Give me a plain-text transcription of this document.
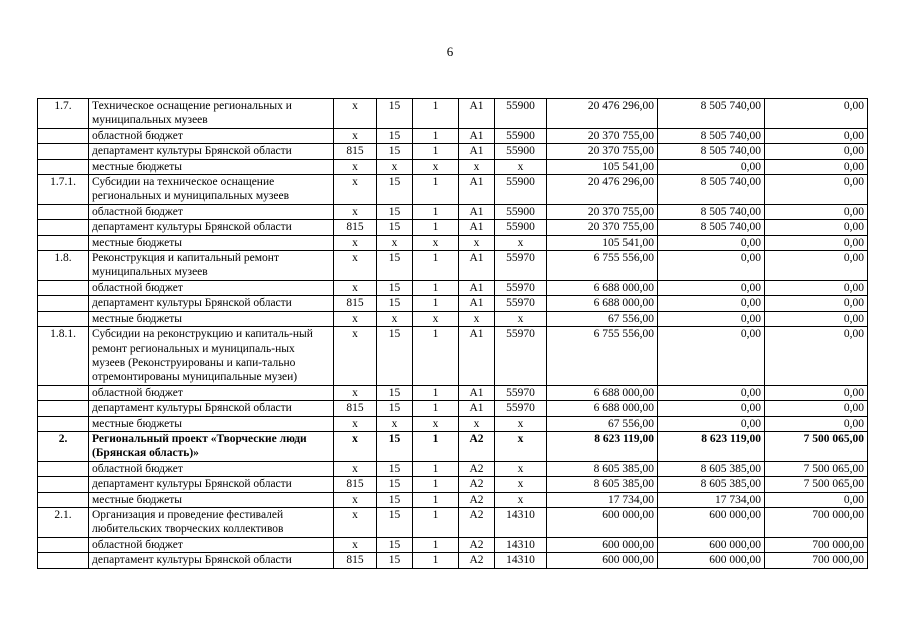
6
1.7.	Техническое оснащение региональных и муниципальных музеев	x	15	1	A1	55900	20 476 296,00	8 505 740,00	0,00
	областной бюджет	x	15	1	A1	55900	20 370 755,00	8 505 740,00	0,00
	департамент культуры Брянской области	815	15	1	A1	55900	20 370 755,00	8 505 740,00	0,00
	местные бюджеты	x	x	x	x	x	105 541,00	0,00	0,00
1.7.1.	Субсидии на техническое оснащение региональных и муниципальных музеев	x	15	1	A1	55900	20 476 296,00	8 505 740,00	0,00
	областной бюджет	x	15	1	A1	55900	20 370 755,00	8 505 740,00	0,00
	департамент культуры Брянской области	815	15	1	A1	55900	20 370 755,00	8 505 740,00	0,00
	местные бюджеты	x	x	x	x	x	105 541,00	0,00	0,00
1.8.	Реконструкция и капитальный ремонт муниципальных музеев	x	15	1	A1	55970	6 755 556,00	0,00	0,00
	областной бюджет	x	15	1	A1	55970	6 688 000,00	0,00	0,00
	департамент культуры Брянской области	815	15	1	A1	55970	6 688 000,00	0,00	0,00
	местные бюджеты	x	x	x	x	x	67 556,00	0,00	0,00
1.8.1.	Субсидии на реконструкцию и капиталь-ный ремонт региональных и муниципаль-ных музеев (Реконструированы и капи-тально отремонтированы муниципальные музеи)	x	15	1	A1	55970	6 755 556,00	0,00	0,00
	областной бюджет	x	15	1	A1	55970	6 688 000,00	0,00	0,00
	департамент культуры Брянской области	815	15	1	A1	55970	6 688 000,00	0,00	0,00
	местные бюджеты	x	x	x	x	x	67 556,00	0,00	0,00
2.	Региональный проект «Творческие люди (Брянская область)»	x	15	1	A2	x	8 623 119,00	8 623 119,00	7 500 065,00
	областной бюджет	x	15	1	A2	x	8 605 385,00	8 605 385,00	7 500 065,00
	департамент культуры Брянской области	815	15	1	A2	x	8 605 385,00	8 605 385,00	7 500 065,00
	местные бюджеты	x	15	1	A2	x	17 734,00	17 734,00	0,00
2.1.	Организация и проведение фестивалей любительских творческих коллективов	x	15	1	A2	14310	600 000,00	600 000,00	700 000,00
	областной бюджет	x	15	1	A2	14310	600 000,00	600 000,00	700 000,00
	департамент культуры Брянской области	815	15	1	A2	14310	600 000,00	600 000,00	700 000,00
